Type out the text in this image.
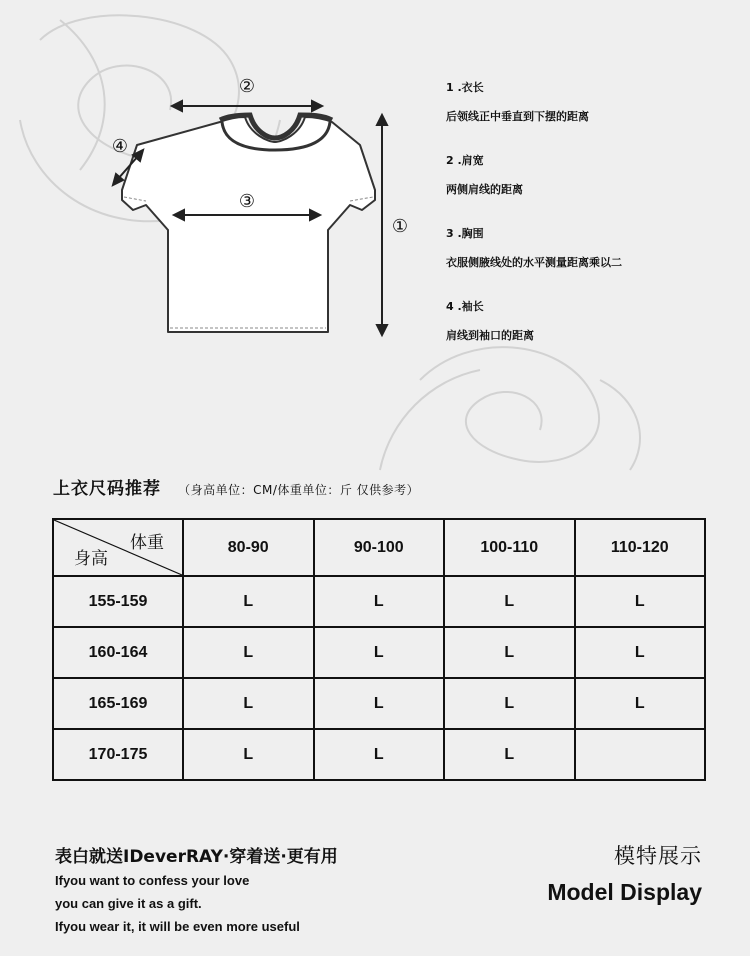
②
④
③
①
1 .衣长
后领线正中垂直到下摆的距离
2 .肩宽
两侧肩线的距离
3 .胸围
衣服侧腋线处的水平测量距离乘以二
4 .袖长
肩线到袖口的距离
上衣尺码推荐 （身高单位：CM/体重单位：斤 仅供参考）
体重
身高	80-90	90-100	100-110	110-120
155-159	L	L	L	L
160-164	L	L	L	L
165-169	L	L	L	L
170-175	L	L	L	
表白就送IDeverRAY·穿着送·更有用
Ifyou want to confess your love
you can give it as a gift.
Ifyou wear it, it will be even more useful
模特展示
Model Display
